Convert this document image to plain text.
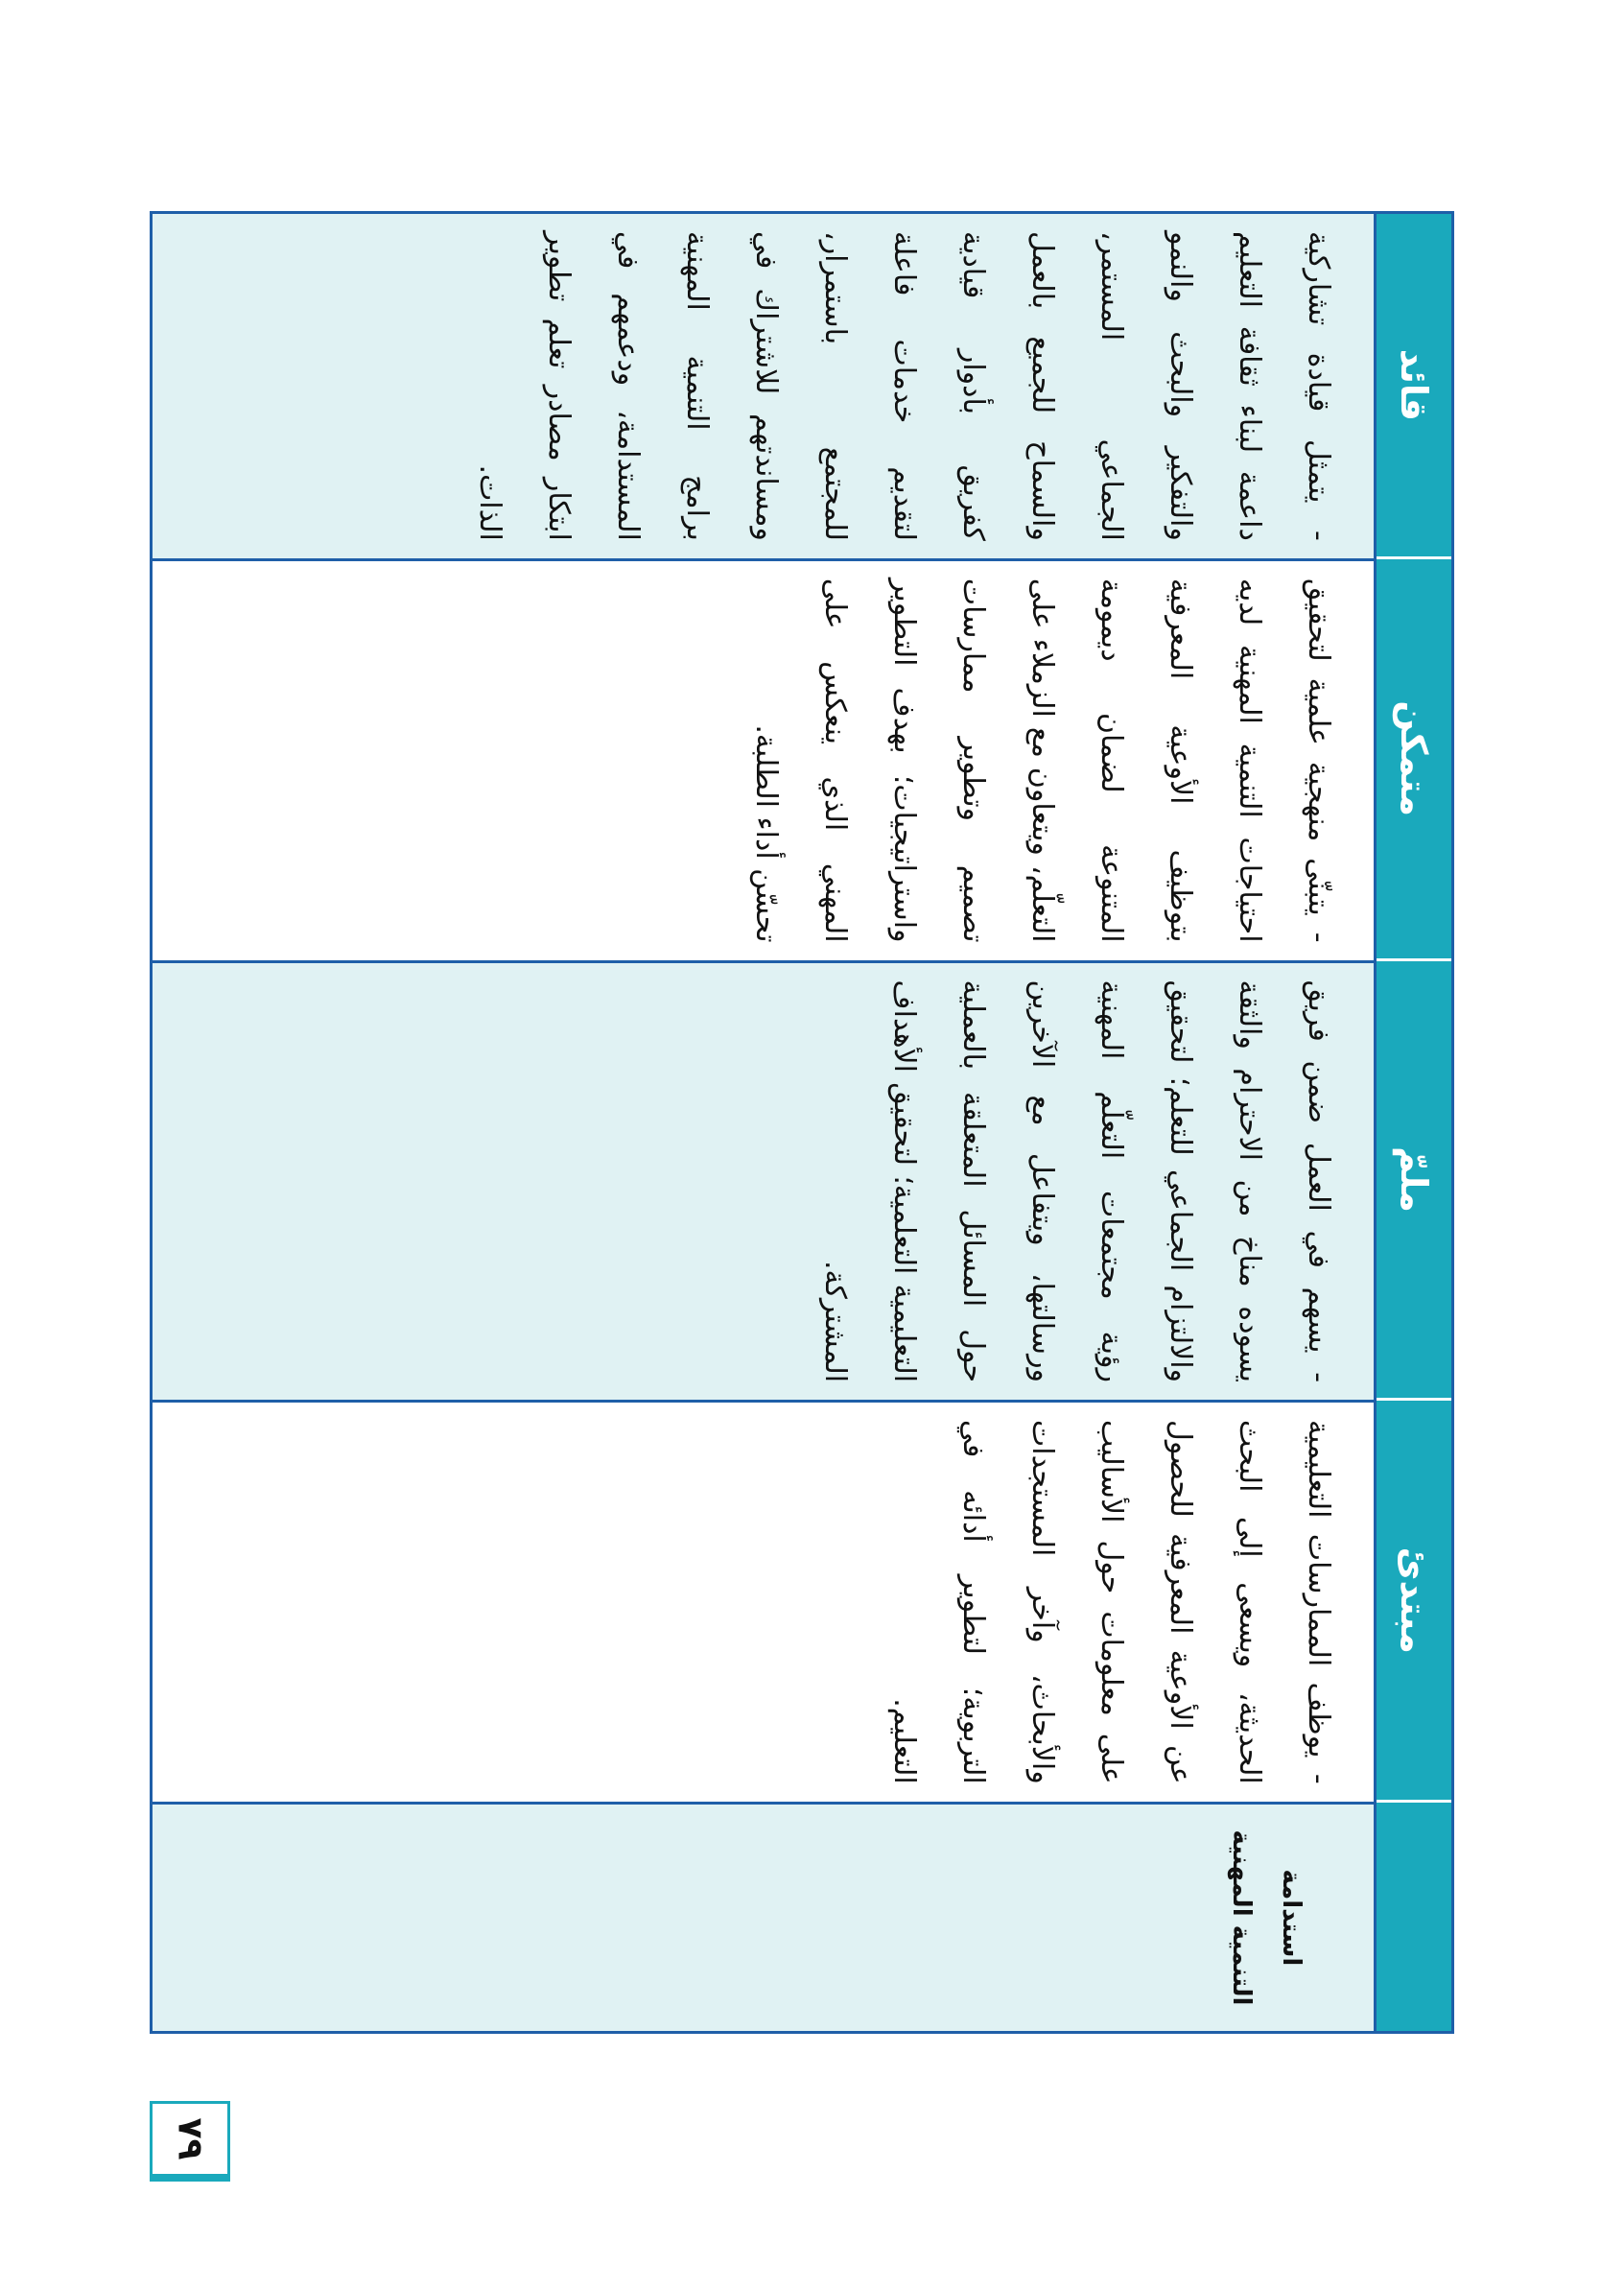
مبتدئ
ملمّ
متمكن
قائد
استدامة
التنمية المهنية
- يوظف الممارسات التعليمية الحديثة، ويسعى إلى البحث عن الأوعية المعرفية للحصول على معلومات حول الأساليب والأبحاث، وآخر المستجدات التربوية؛ لتطوير أدائه في التعليم.
- يسهم في العمل ضمن فريق يسوده مناخ من الاحترام والثقة والالتزام الجماعي للتعلم؛ لتحقيق رؤية مجتمعات التعلّم المهنية ورسالتها، ويتفاعل مع الآخرين حول المسائل المتعلقة بالعملية التعليمية التعلمية؛ لتحقيق الأهداف المشتركة.
- يتبنّى منهجية علمية لتحقيق احتياجات التنمية المهنية لديه بتوظيف الأوعية المعرفية المتنوعة لضمان ديمومة التعلّم، ويتعاون مع الزملاء على تصميم وتطوير ممارسات واستراتيجيات؛ بهدف التطوير المهني الذي ينعكس على تحسّن أداء الطلبة.
- يتمثل قيادة تشاركية داعمة لبناء ثقافة التعليم والتفكير والبحث والنمو الجماعي المستمر، والسماح للجميع بالعمل كفريق بأدوار قيادية لتقديم خدمات فاعلة للمجتمع باستمرار، ومساندتهم للاشتراك في برامج التنمية المهنية المستدامة، ودعمهم في ابتكار مصادر تعلم تطوير الذات.
٧٩
